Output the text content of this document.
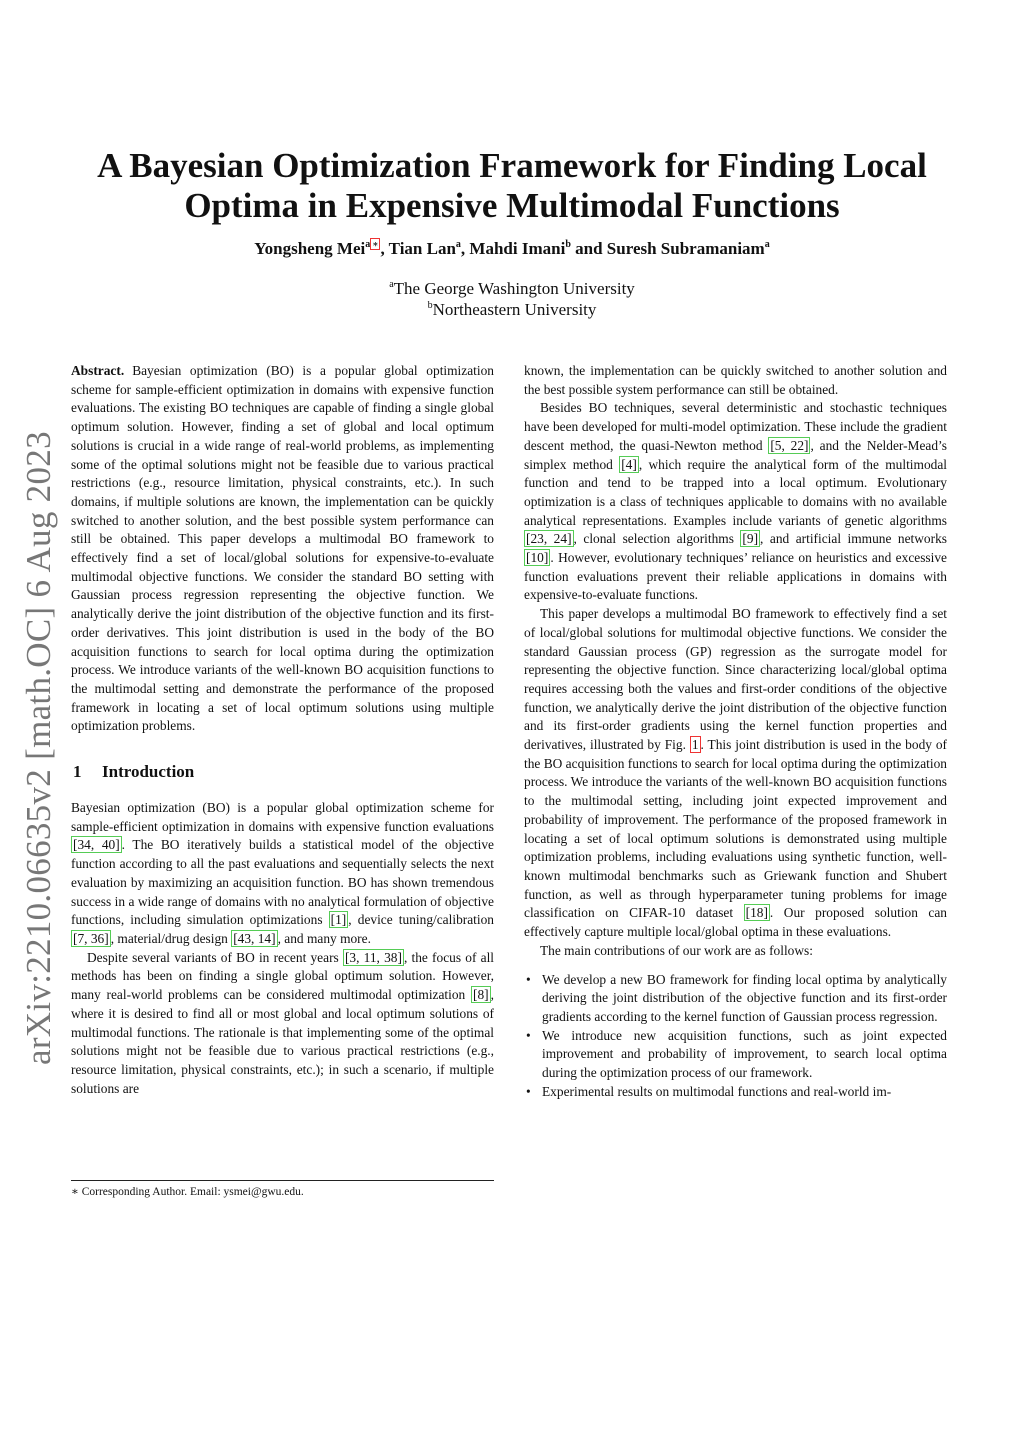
A Bayesian Optimization Framework for Finding Local Optima in Expensive Multimodal Functions
Yongsheng Mei$^a$ ∗ , Tian Lan$^a$, Mahdi Imani$^b$ and Suresh Subramaniam$^a$
$^a$The George Washington University
$^b$Northeastern University
arXiv:2210.06635v2 [math.OC] 6 Aug 2023

Abstract. Bayesian optimization (BO) is a popular global optimization scheme for sample-efficient optimization in domains with expensive function evaluations. The existing BO techniques are capable of finding a single global optimum solution. However, finding a set of global and local optimum solutions is crucial in a wide range of real-world problems, as implementing some of the optimal solutions might not be feasible due to various practical restrictions (e.g., resource limitation, physical constraints, etc.). In such domains, if multiple solutions are known, the implementation can be quickly switched to another solution, and the best possible system performance can still be obtained. This paper develops a multimodal BO framework to effectively find a set of local/global solutions for expensive-to-evaluate multimodal objective functions. We consider the standard BO setting with Gaussian process regression representing the objective function. We analytically derive the joint distribution of the objective function and its first-order derivatives. This joint distribution is used in the body of the BO acquisition functions to search for local optima during the optimization process. We introduce variants of the well-known BO acquisition functions to the multimodal setting and demonstrate the performance of the proposed framework in locating a set of local optimum solutions using multiple optimization problems.

1 Introduction

Bayesian optimization (BO) is a popular global optimization scheme for sample-efficient optimization in domains with expensive function evaluations [34, 40] . The BO iteratively builds a statistical model of the objective function according to all the past evaluations and sequentially selects the next evaluation by maximizing an acquisition function. BO has shown tremendous success in a wide range of domains with no analytical formulation of objective functions, including simulation optimizations [1] , device tuning/calibration [7, 36] , material/drug design [43, 14] , and many more.

Despite several variants of BO in recent years [3, 11, 38] , the focus of all methods has been on finding a single global optimum solution. However, many real-world problems can be considered multimodal optimization [8] , where it is desired to find all or most global and local optimum solutions of multimodal functions. The rationale is that implementing some of the optimal solutions might not be feasible due to various practical restrictions (e.g., resource limitation, physical constraints, etc.); in such a scenario, if multiple solutions are

∗ Corresponding Author. Email: ysmei@gwu.edu.

known, the implementation can be quickly switched to another solution and the best possible system performance can still be obtained.

Besides BO techniques, several deterministic and stochastic techniques have been developed for multi-model optimization. These include the gradient descent method, the quasi-Newton method [5, 22] , and the Nelder-Mead’s simplex method [4] , which require the analytical form of the multimodal function and tend to be trapped into a local optimum. Evolutionary optimization is a class of techniques applicable to domains with no available analytical representations. Examples include variants of genetic algorithms [23, 24] , clonal selection algorithms [9] , and artificial immune networks [10] . However, evolutionary techniques’ reliance on heuristics and excessive function evaluations prevent their reliable applications in domains with expensive-to-evaluate functions.

This paper develops a multimodal BO framework to effectively find a set of local/global solutions for multimodal objective functions. We consider the standard Gaussian process (GP) regression as the surrogate model for representing the objective function. Since characterizing local/global optima requires accessing both the values and first-order conditions of the objective function, we analytically derive the joint distribution of the objective function and its first-order gradients using the kernel function properties and derivatives, illustrated by Fig. 1 . This joint distribution is used in the body of the BO acquisition functions to search for local optima during the optimization process. We introduce the variants of the well-known BO acquisition functions to the multimodal setting, including joint expected improvement and probability of improvement. The performance of the proposed framework in locating a set of local optimum solutions is demonstrated using multiple optimization problems, including evaluations using synthetic function, well-known multimodal benchmarks such as Griewank function and Shubert function, as well as through hyperparameter tuning problems for image classification on CIFAR-10 dataset [18] . Our proposed solution can effectively capture multiple local/global optima in these evaluations.

The main contributions of our work are as follows:

• We develop a new BO framework for finding local optima by analytically deriving the joint distribution of the objective function and its first-order gradients according to the kernel function of Gaussian process regression.
• We introduce new acquisition functions, such as joint expected improvement and probability of improvement, to search local optima during the optimization process of our framework.
• Experimental results on multimodal functions and real-world im-
